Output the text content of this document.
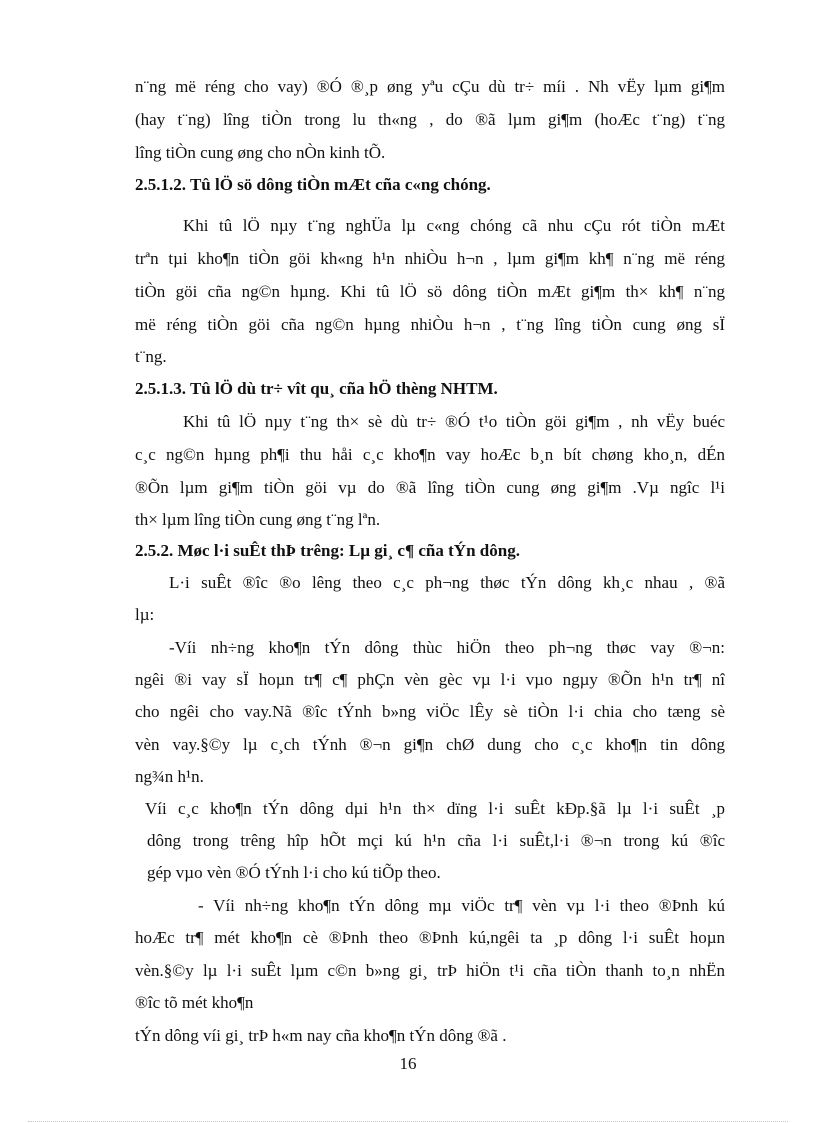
n¨ng më réng cho vay) ®Ó ®¸p øng yªu cÇu dù tr÷ míi . Nh vËy lµm gi¶m
(hay t¨ng) lîng tiÒn trong lu th«ng , do ®ã lµm gi¶m (hoÆc t¨ng) t¨ng
lîng tiÒn cung øng cho nÒn kinh tÕ.
2.5.1.2. Tû lÖ sö dông tiÒn mÆt cña c«ng chóng.
Khi tû lÖ nµy t¨ng nghÜa lµ c«ng chóng cã nhu cÇu rót tiÒn mÆt
trªn tµi kho¶n tiÒn göi kh«ng h¹n nhiÒu h¬n , lµm gi¶m kh¶ n¨ng më réng
tiÒn göi cña ng©n hµng. Khi tû lÖ sö dông tiÒn mÆt gi¶m th× kh¶ n¨ng
më réng tiÒn göi cña ng©n hµng nhiÒu h¬n , t¨ng lîng tiÒn cung øng sÏ
t¨ng.
2.5.1.3. Tû lÖ dù tr÷ vît qu¸ cña hÖ thèng NHTM.
Khi tû lÖ nµy t¨ng th× sè dù tr÷ ®Ó t¹o tiÒn göi gi¶m , nh vËy buéc
c¸c ng©n hµng ph¶i thu håi c¸c kho¶n vay hoÆc b¸n bít chøng kho¸n, dÉn
®Õn lµm gi¶m tiÒn göi vµ do ®ã lîng tiÒn cung øng gi¶m .Vµ ngîc l¹i
th× lµm lîng tiÒn cung øng t¨ng lªn.
2.5.2. Møc l·i suÊt thÞ trêng: Lµ gi¸ c¶ cña tÝn dông.
L·i suÊt ®îc ®o lêng theo c¸c ph¬ng thøc tÝn dông kh¸c nhau , ®ã
lµ:
-Víi nh÷ng kho¶n tÝn dông thùc hiÖn theo ph¬ng thøc vay ®¬n:
ngêi ®i vay sÏ hoµn tr¶ c¶ phÇn vèn gèc vµ l·i vµo ngµy ®Õn h¹n tr¶ nî
cho ngêi cho vay.Nã ®îc tÝnh b»ng viÖc lÊy sè tiÒn l·i chia cho tæng sè
vèn vay.§©y lµ c¸ch tÝnh ®¬n gi¶n chØ dung cho c¸c kho¶n tin dông
ng¾n h¹n.
Víi c¸c kho¶n tÝn dông dµi h¹n th× dïng l·i suÊt kÐp.§ã lµ l·i suÊt ¸p
dông trong trêng hîp hÕt mçi kú h¹n cña l·i suÊt,l·i ®¬n trong kú ®îc
gép vµo vèn ®Ó tÝnh l·i cho kú tiÕp theo.
- Víi nh÷ng kho¶n tÝn dông mµ viÖc tr¶ vèn vµ l·i theo ®Þnh kú
hoÆc tr¶ mét kho¶n cè ®Þnh theo ®Þnh kú,ngêi ta ¸p dông l·i suÊt hoµn
vèn.§©y lµ l·i suÊt lµm c©n b»ng gi¸ trÞ hiÖn t¹i cña tiÒn thanh to¸n nhËn
®îc tõ mét kho¶n
tÝn dông víi gi¸ trÞ h«m nay cña kho¶n tÝn dông ®ã .
16
